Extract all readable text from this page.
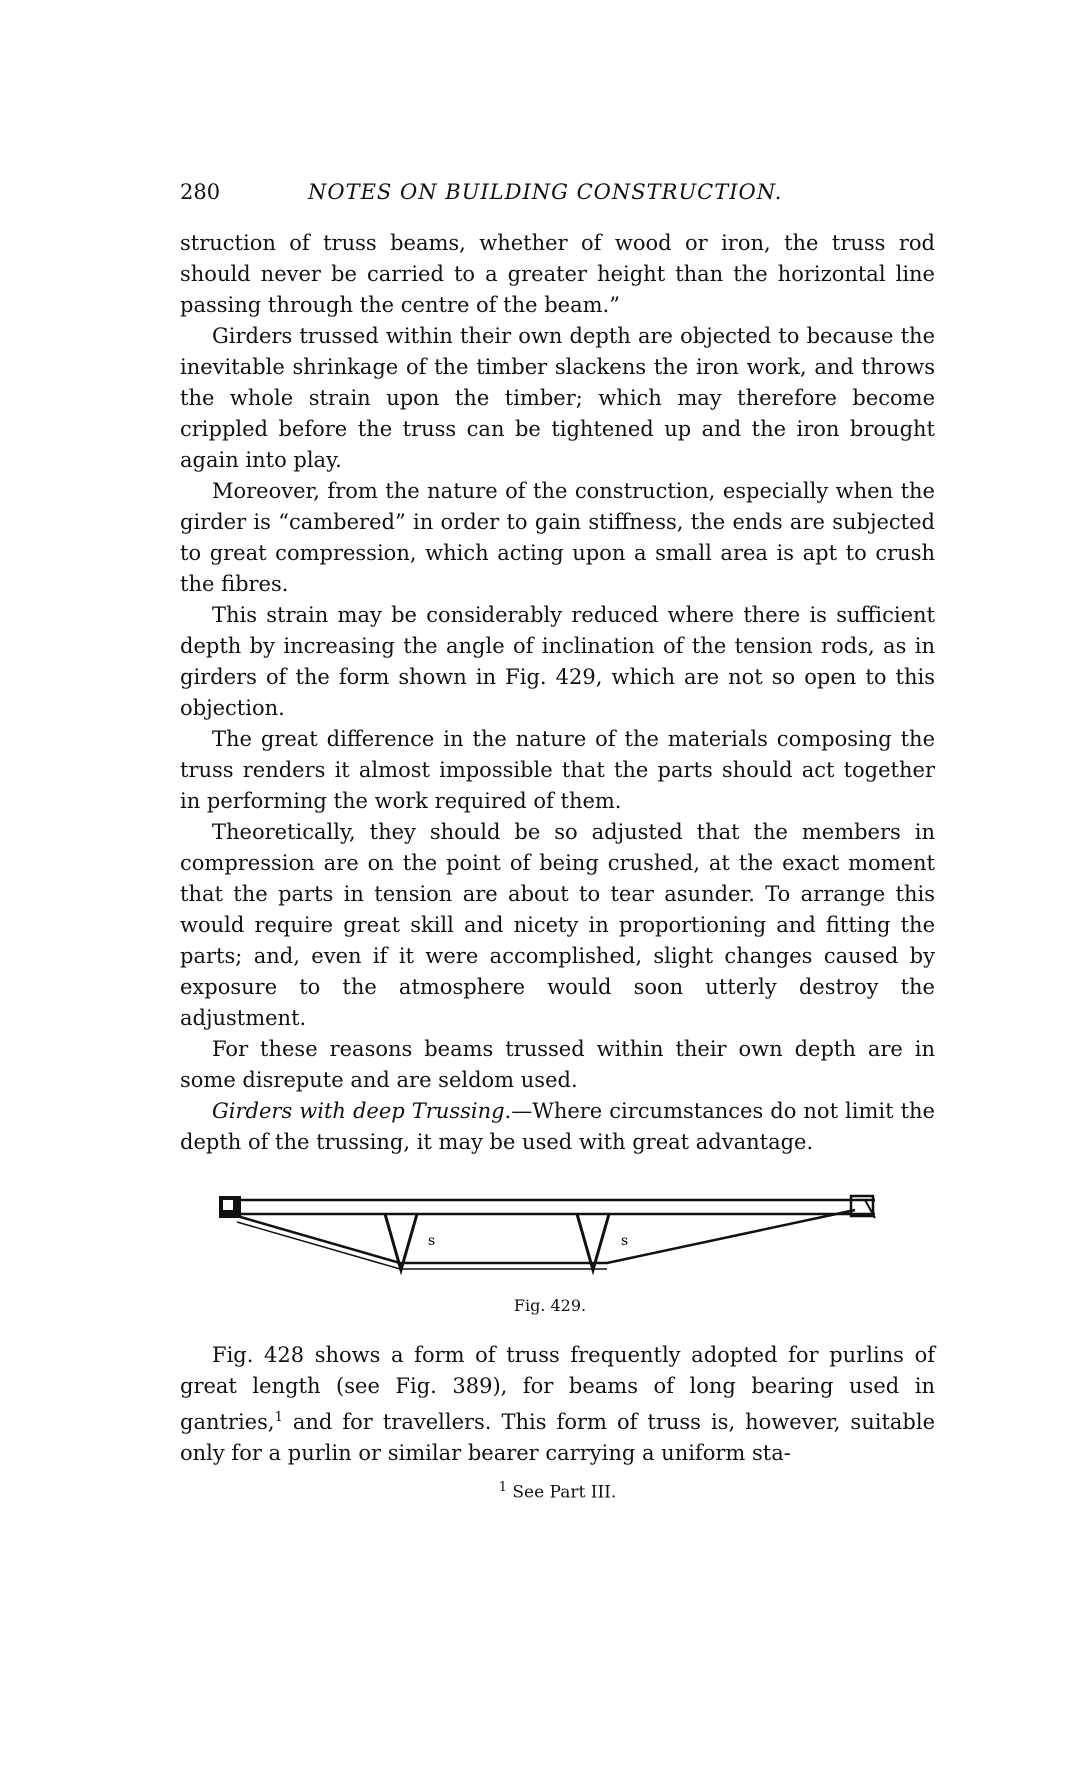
280	NOTES ON BUILDING CONSTRUCTION.

struction of truss beams, whether of wood or iron, the truss rod should never be carried to a greater height than the horizontal line passing through the centre of the beam.”

Girders trussed within their own depth are objected to because the inevitable shrinkage of the timber slackens the iron work, and throws the whole strain upon the timber; which may therefore become crippled before the truss can be tightened up and the iron brought again into play.

Moreover, from the nature of the construction, especially when the girder is “cambered” in order to gain stiffness, the ends are subjected to great compression, which acting upon a small area is apt to crush the fibres.

This strain may be considerably reduced where there is sufficient depth by increasing the angle of inclination of the tension rods, as in girders of the form shown in Fig. 429, which are not so open to this objection.

The great difference in the nature of the materials composing the truss renders it almost impossible that the parts should act together in performing the work required of them.

Theoretically, they should be so adjusted that the members in compression are on the point of being crushed, at the exact moment that the parts in tension are about to tear asunder. To arrange this would require great skill and nicety in proportioning and fitting the parts; and, even if it were accomplished, slight changes caused by exposure to the atmosphere would soon utterly destroy the adjustment.

For these reasons beams trussed within their own depth are in some disrepute and are seldom used.

Girders with deep Trussing.—Where circumstances do not limit the depth of the trussing, it may be used with great advantage.

s	s
Fig. 429.

Fig. 428 shows a form of truss frequently adopted for purlins of great length (see Fig. 389), for beams of long bearing used in gantries,$^1$ and for travellers. This form of truss is, however, suitable only for a purlin or similar bearer carrying a uniform sta-

$^1$ See Part III.
